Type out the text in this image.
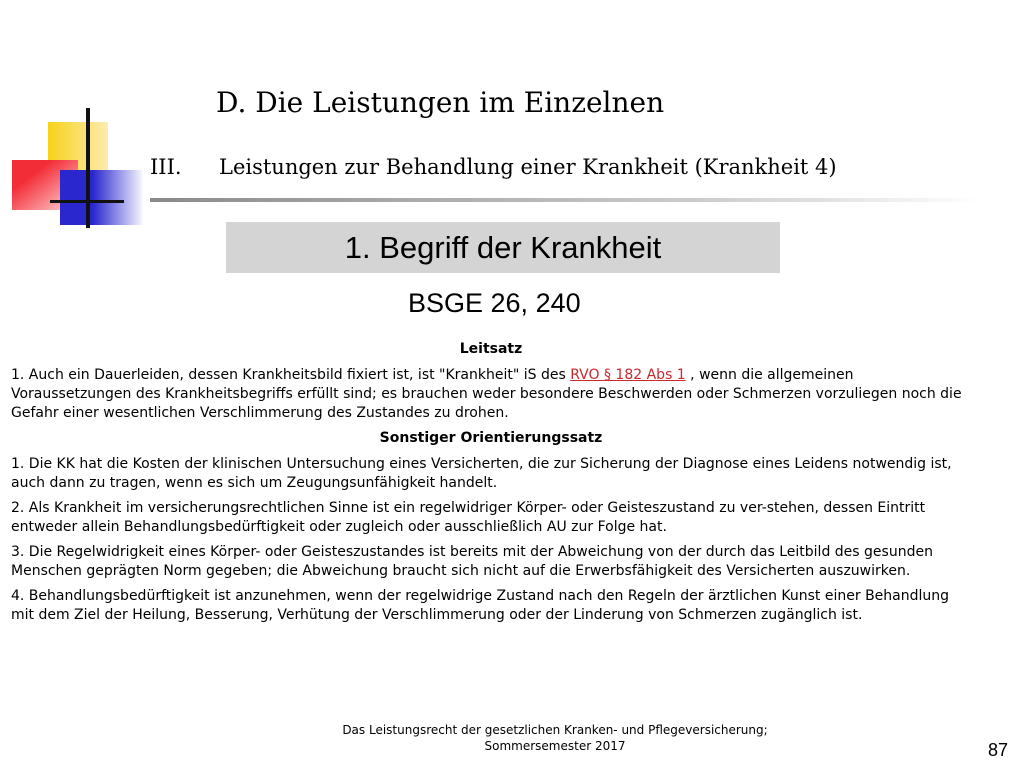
D. Die Leistungen im Einzelnen
III. Leistungen zur Behandlung einer Krankheit (Krankheit 4)
1. Begriff der Krankheit
BSGE 26, 240

Leitsatz

1. Auch ein Dauerleiden, dessen Krankheitsbild fixiert ist, ist "Krankheit" iS des RVO § 182 Abs 1 , wenn die allgemeinen Voraussetzungen des Krankheitsbegriffs erfüllt sind; es brauchen weder besondere Beschwerden oder Schmerzen vorzuliegen noch die Gefahr einer wesentlichen Verschlimmerung des Zustandes zu drohen.

Sonstiger Orientierungssatz

1. Die KK hat die Kosten der klinischen Untersuchung eines Versicherten, die zur Sicherung der Diagnose eines Leidens notwendig ist, auch dann zu tragen, wenn es sich um Zeugungsunfähigkeit handelt.

2. Als Krankheit im versicherungsrechtlichen Sinne ist ein regelwidriger Körper- oder Geisteszustand zu ver-stehen, dessen Eintritt entweder allein Behandlungsbedürftigkeit oder zugleich oder ausschließlich AU zur Folge hat.

3. Die Regelwidrigkeit eines Körper- oder Geisteszustandes ist bereits mit der Abweichung von der durch das Leitbild des gesunden Menschen geprägten Norm gegeben; die Abweichung braucht sich nicht auf die Erwerbsfähigkeit des Versicherten auszuwirken.

4. Behandlungsbedürftigkeit ist anzunehmen, wenn der regelwidrige Zustand nach den Regeln der ärztlichen Kunst einer Behandlung mit dem Ziel der Heilung, Besserung, Verhütung der Verschlimmerung oder der Linderung von Schmerzen zugänglich ist.

Das Leistungsrecht der gesetzlichen Kranken- und Pflegeversicherung;
Sommersemester 2017	87
